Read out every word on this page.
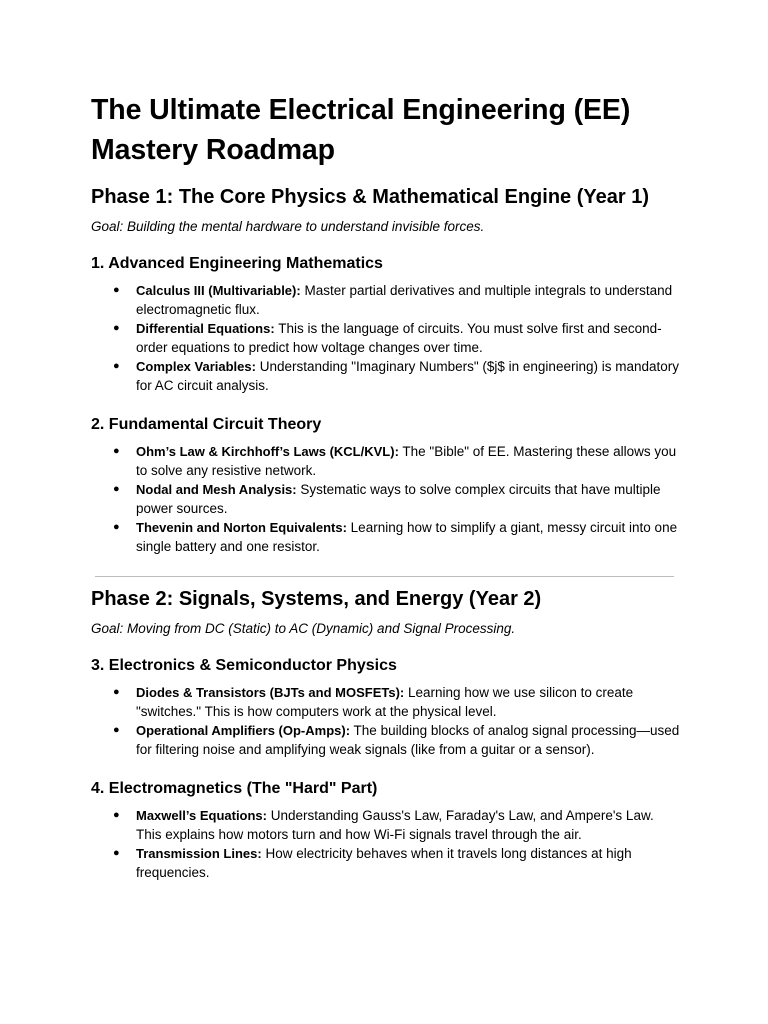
The Ultimate Electrical Engineering (EE) Mastery Roadmap
Phase 1: The Core Physics & Mathematical Engine (Year 1)

Goal: Building the mental hardware to understand invisible forces.

1. Advanced Engineering Mathematics
● Calculus III (Multivariable): Master partial derivatives and multiple integrals to understand electromagnetic flux.
● Differential Equations: This is the language of circuits. You must solve first and second-order equations to predict how voltage changes over time.
● Complex Variables: Understanding "Imaginary Numbers" ($j$ in engineering) is mandatory for AC circuit analysis.
2. Fundamental Circuit Theory
● Ohm’s Law & Kirchhoff’s Laws (KCL/KVL): The "Bible" of EE. Mastering these allows you to solve any resistive network.
● Nodal and Mesh Analysis: Systematic ways to solve complex circuits that have multiple power sources.
● Thevenin and Norton Equivalents: Learning how to simplify a giant, messy circuit into one single battery and one resistor.
Phase 2: Signals, Systems, and Energy (Year 2)

Goal: Moving from DC (Static) to AC (Dynamic) and Signal Processing.

3. Electronics & Semiconductor Physics
● Diodes & Transistors (BJTs and MOSFETs): Learning how we use silicon to create "switches." This is how computers work at the physical level.
● Operational Amplifiers (Op-Amps): The building blocks of analog signal processing—used for filtering noise and amplifying weak signals (like from a guitar or a sensor).
4. Electromagnetics (The "Hard" Part)
● Maxwell’s Equations: Understanding Gauss's Law, Faraday's Law, and Ampere's Law. This explains how motors turn and how Wi-Fi signals travel through the air.
● Transmission Lines: How electricity behaves when it travels long distances at high frequencies.
